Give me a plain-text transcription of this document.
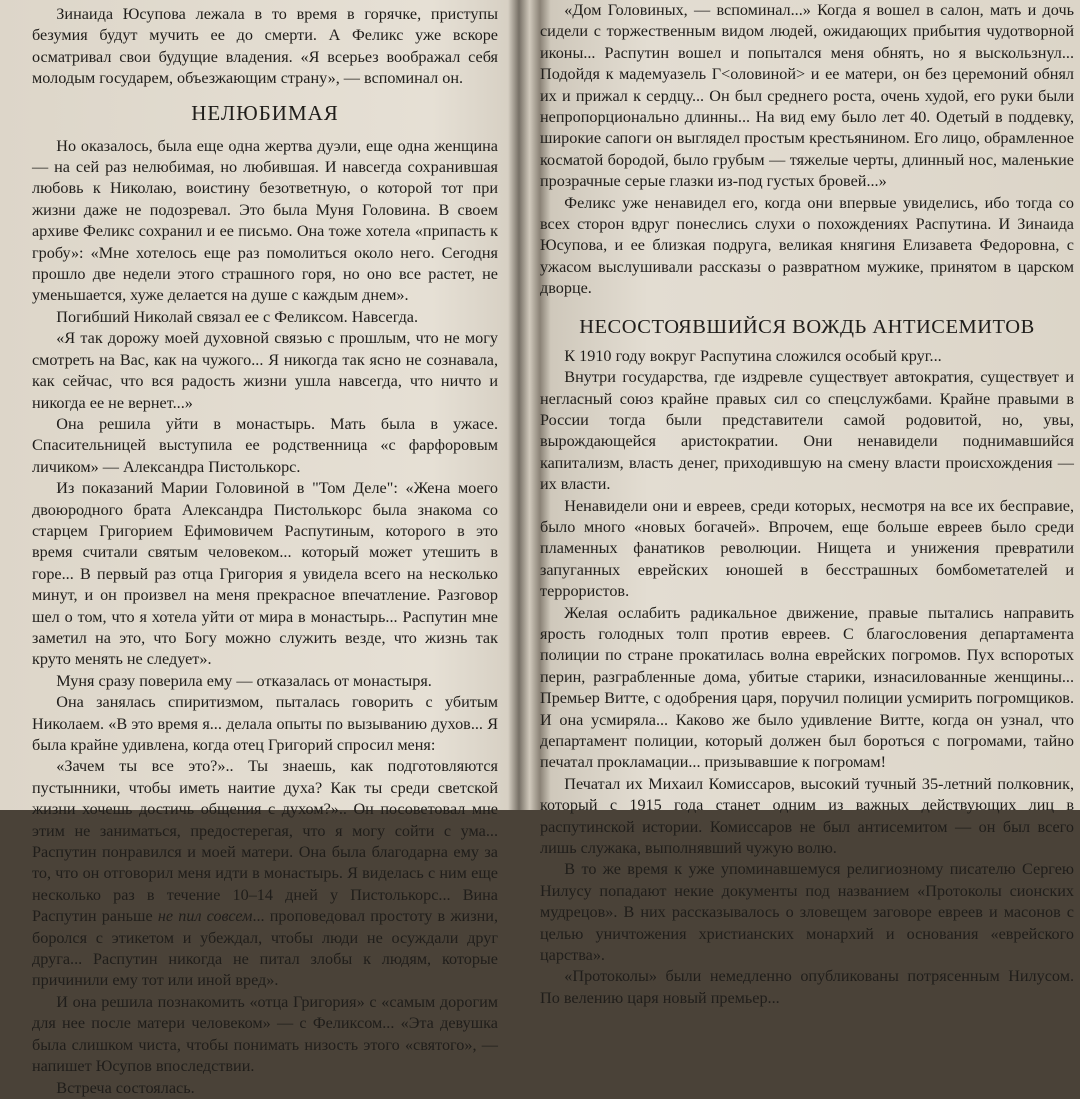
Зинаида Юсупова лежала в то время в горячке, приступы безумия будут мучить ее до смерти. А Феликс уже вскоре осматривал свои будущие владения. «Я всерьез воображал себя молодым государем, объезжающим страну», — вспоминал он.

НЕЛЮБИМАЯ

Но оказалось, была еще одна жертва дуэли, еще одна женщина — на сей раз нелюбимая, но любившая. И навсегда сохранившая любовь к Николаю, воистину безответную, о которой тот при жизни даже не подозревал. Это была Муня Головина. В своем архиве Феликс сохранил и ее письмо. Она тоже хотела «припасть к гробу»: «Мне хотелось еще раз помолиться около него. Сегодня прошло две недели этого страшного горя, но оно все растет, не уменьшается, хуже делается на душе с каждым днем».

Погибший Николай связал ее с Феликсом. Навсегда.

«Я так дорожу моей духовной связью с прошлым, что не могу смотреть на Вас, как на чужого... Я никогда так ясно не сознавала, как сейчас, что вся радость жизни ушла навсегда, что ничто и никогда ее не вернет...»

Она решила уйти в монастырь. Мать была в ужасе. Спасительницей выступила ее родственница «с фарфоровым личиком» — Александра Пистолькорс.

Из показаний Марии Головиной в "Том Деле": «Жена моего двоюродного брата Александра Пистолькорс была знакома со старцем Григорием Ефимовичем Распутиным, которого в это время считали святым человеком... который может утешить в горе... В первый раз отца Григория я увидела всего на несколько минут, и он произвел на меня прекрасное впечатление. Разговор шел о том, что я хотела уйти от мира в монастырь... Распутин мне заметил на это, что Богу можно служить везде, что жизнь так круто менять не следует».

Муня сразу поверила ему — отказалась от монастыря.

Она занялась спиритизмом, пыталась говорить с убитым Николаем. «В это время я... делала опыты по вызыванию духов... Я была крайне удивлена, когда отец Григорий спросил меня:

«Зачем ты все это?».. Ты знаешь, как подготовляются пустынники, чтобы иметь наитие духа? Как ты среди светской жизни хочешь достичь общения с духом?».. Он посоветовал мне этим не заниматься, предостерегая, что я могу сойти с ума... Распутин понравился и моей матери. Она была благодарна ему за то, что он отговорил меня идти в монастырь. Я виделась с ним еще несколько раз в течение 10–14 дней у Пистолькорс... Вина Распутин раньше не пил совсем... проповедовал простоту в жизни, боролся с этикетом и убеждал, чтобы люди не осуждали друг друга... Распутин никогда не питал злобы к людям, которые причинили ему тот или иной вред».

И она решила познакомить «отца Григория» с «самым дорогим для нее после матери человеком» — с Феликсом... «Эта девушка была слишком чиста, чтобы понимать низость этого «святого», — напишет Юсупов впоследствии.

Встреча состоялась.

«Дом Головиных, — вспоминал...» Когда я вошел в салон, мать и дочь сидели с торжественным видом людей, ожидающих прибытия чудотворной иконы... Распутин вошел и попытался меня обнять, но я выскользнул... Подойдя к мадемуазель Г<оловиной> и ее матери, он без церемоний обнял их и прижал к сердцу... Он был среднего роста, очень худой, его руки были непропорционально длинны... На вид ему было лет 40. Одетый в поддевку, широкие сапоги он выглядел простым крестьянином. Его лицо, обрамленное косматой бородой, было грубым — тяжелые черты, длинный нос, маленькие прозрачные серые глазки из-под густых бровей...»

Феликс уже ненавидел его, когда они впервые увиделись, ибо тогда со всех сторон вдруг понеслись слухи о похождениях Распутина. И Зинаида Юсупова, и ее близкая подруга, великая княгиня Елизавета Федоровна, с ужасом выслушивали рассказы о развратном мужике, принятом в царском дворце.

НЕСОСТОЯВШИЙСЯ ВОЖДЬ АНТИСЕМИТОВ

К 1910 году вокруг Распутина сложился особый круг...

Внутри государства, где издревле существует автократия, существует и негласный союз крайне правых сил со спецслужбами. Крайне правыми в России тогда были представители самой родовитой, но, увы, вырождающейся аристократии. Они ненавидели поднимавшийся капитализм, власть денег, приходившую на смену власти происхождения — их власти.

Ненавидели они и евреев, среди которых, несмотря на все их бесправие, было много «новых богачей». Впрочем, еще больше евреев было среди пламенных фанатиков революции. Нищета и унижения превратили запуганных еврейских юношей в бесстрашных бомбометателей и террористов.

Желая ослабить радикальное движение, правые пытались направить ярость голодных толп против евреев. С благословения департамента полиции по стране прокатилась волна еврейских погромов. Пух вспоротых перин, разграбленные дома, убитые старики, изнасилованные женщины... Премьер Витте, с одобрения царя, поручил полиции усмирить погромщиков. И она усмиряла... Каково же было удивление Витте, когда он узнал, что департамент полиции, который должен был бороться с погромами, тайно печатал прокламации... призывавшие к погромам!

Печатал их Михаил Комиссаров, высокий тучный 35-летний полковник, который с 1915 года станет одним из важных действующих лиц в распутинской истории. Комиссаров не был антисемитом — он был всего лишь служака, выполнявший чужую волю.

В то же время к уже упоминавшемуся религиозному писателю Сергею Нилусу попадают некие документы под названием «Протоколы сионских мудрецов». В них рассказывалось о зловещем заговоре евреев и масонов с целью уничтожения христианских монархий и основания «еврейского царства».

«Протоколы» были немедленно опубликованы потрясенным Нилусом. По велению царя новый премьер...
